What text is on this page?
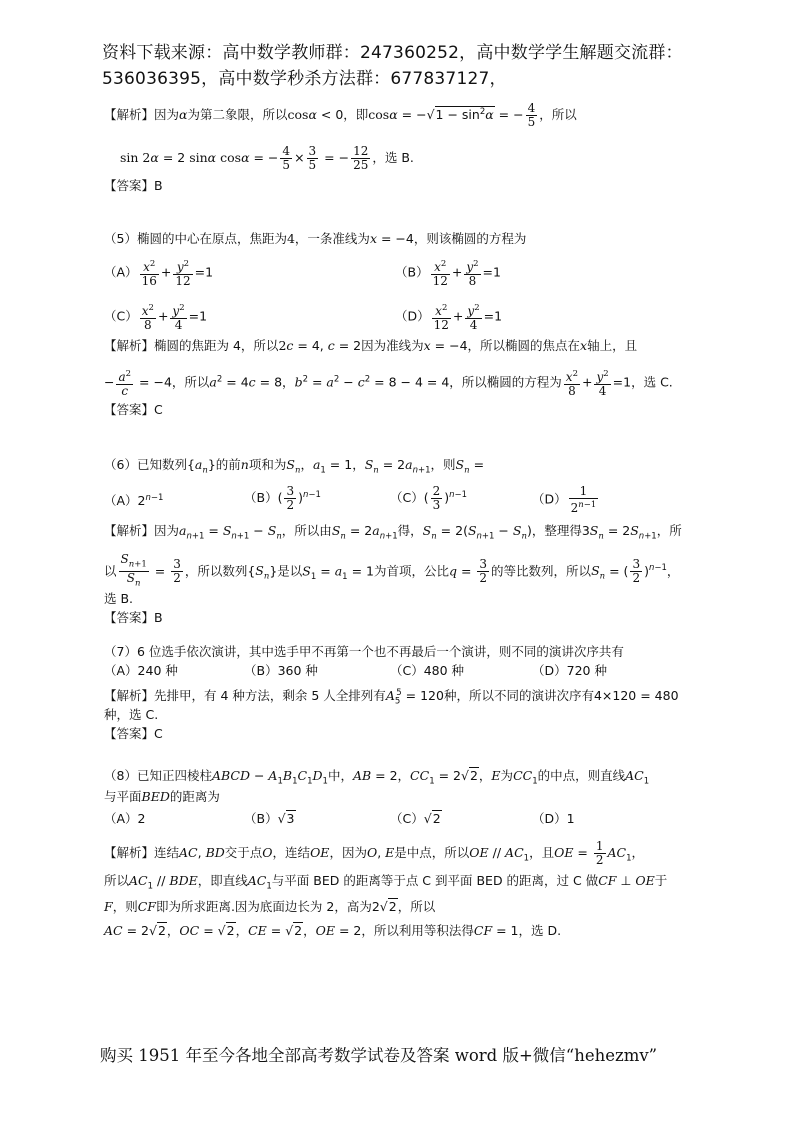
资料下载来源：高中数学教师群：247360252，高中数学学生解题交流群：
536036395，高中数学秒杀方法群：677837127，
【解析】因为α为第二象限，所以cosα < 0，即$\cos\alpha = -√1 - \sin^2\alpha$ = − $\frac{4}{5}$ ，所以
sin 2α = 2 sinα cosα = − $\frac{4}{5} \times \frac{3}{5}$ = − $\frac{12}{25}$ ，选 B.
【答案】B
（5）椭圆的中心在原点，焦距为4，一条准线为x = −4，则该椭圆的方程为
$(A) \frac{x^2}{16} + \frac{y^2}{12} =1$	$(B) \frac{x^2}{12} + \frac{y^2}{8} =1$
$(C) \frac{x^2}{8} + \frac{y^2}{4} =1$	$(D) \frac{x^2}{12} + \frac{y^2}{4} =1$
【解析】椭圆的焦距为 4，所以2c = 4, c = 2因为准线为x = −4，所以椭圆的焦点在x轴上，且
− $\frac{a^2}{c} = -4$，所以$a^2 = 4c = 8$，$b^2 = a^2 - c^2 = 8 - 4 = 4$，所以椭圆的方程为 $\frac{x^2}{8} + \frac{y^2}{4} =1$，选 C.
【答案】C
（6）已知数列$\{a_n\}$的前n项和为$S_n$，$a_1 = 1$，$S_n = 2a_{n+1}$，则$S_n$ =
$(A)2^{n-1}$	$(B)( \frac{3}{2} )^{n-1}$	$(C)( \frac{2}{3} )^{n-1}$	$(D) \frac{1}{2^{n-1}}$
【解析】因为$a_{n+1} = S_{n+1} - S_n$，所以由$S_n = 2a_{n+1}$得，$S_n = 2(S_{n+1} - S_n)$，整理得$3S_n = 2S_{n+1}$，所
以 $\frac{S_{n+1}}{S_n} = \frac{3}{2}$ ，所以数列$\{S_n\}$是以$S_1 = a_1 = 1$为首项，公比$q = \frac{3}{2}$ 的等比数列，所以$S_n$ = ( $\frac{3}{2} )^{n-1}$，
选 B.
【答案】B
（7）6 位选手依次演讲，其中选手甲不再第一个也不再最后一个演讲，则不同的演讲次序共有
（A）240 种	（B）360 种	（C）480 种	（D）720 种
【解析】先排甲，有 4 种方法，剩余 5 人全排列有$A_5^5 = 120$种，所以不同的演讲次序有4×120 = 480
种，选 C.
【答案】C
（8）已知正四棱柱ABCD − $A_1B_1C_1D_1$中，AB = 2，$CC_1 = 2√2$，E为$CC_1$的中点，则直线$AC_1$
与平面BED的距离为
（A）2	（B）√3	（C）√2	（D）1
【解析】连结AC, BD交于点O，连结OE，因为O, E是中点，所以OE // $AC_1$，且OE = $\frac{1}{2} AC_1$，
所以$AC_1$ // BDE，即直线$AC_1$与平面 BED 的距离等于点 C 到平面 BED 的距离，过 C 做CF ⊥ OE于
F，则CF即为所求距离.因为底面边长为 2，高为2√2，所以
AC = 2√2，OC = √2，CE = √2，OE = 2，所以利用等积法得CF = 1，选 D.
购买 1951 年至今各地全部高考数学试卷及答案 word 版+微信“hehezmv”
